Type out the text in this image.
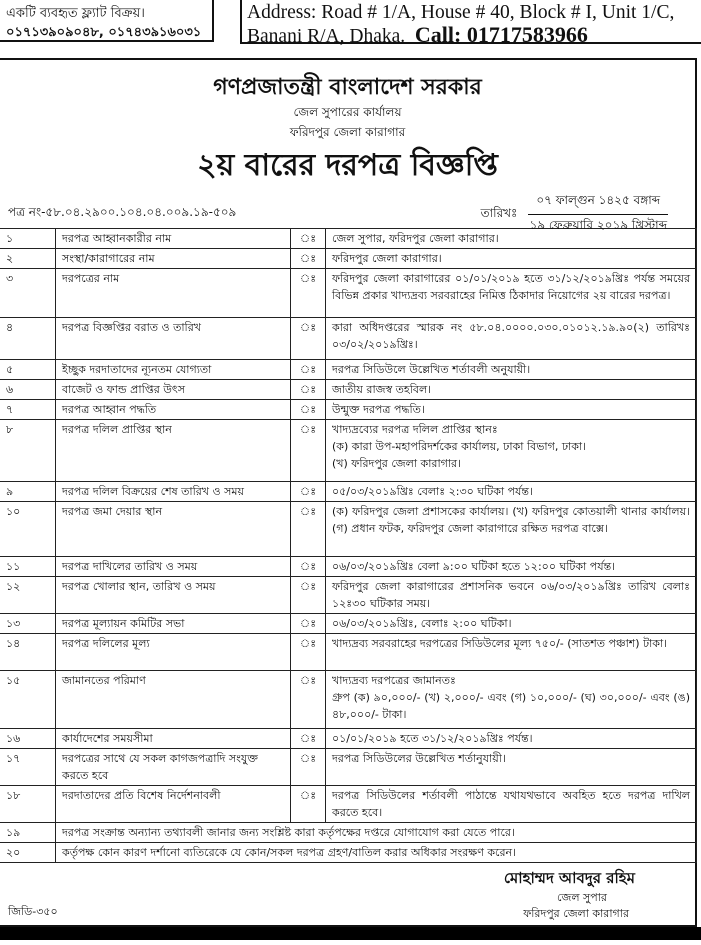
একটি ব্যবহৃত ফ্ল্যাট বিক্রয়।
০১৭১৩৯০৯০৪৮, ০১৭৪৩৯১৬০৩১
Address: Road # 1/A, House # 40, Block # I, Unit 1/C,
Banani R/A, Dhaka. Call: 01717583966
গণপ্রজাতন্ত্রী বাংলাদেশ সরকার
জেল সুপারের কার্যালয়
ফরিদপুর জেলা কারাগার
২য় বারের দরপত্র বিজ্ঞপ্তি
পত্র নং-৫৮.০৪.২৯০০.১০৪.০৪.০০৯.১৯-৫০৯	তারিখঃ
০৭ ফাল্গুন ১৪২৫ বঙ্গাব্দ
১৯ ফেব্রুয়ারি ২০১৯ খ্রিস্টাব্দ
১	দরপত্র আহ্বানকারীর নাম	ঃ	জেল সুপার, ফরিদপুর জেলা কারাগার।

২	সংস্থা/কারাগারের নাম	ঃ	ফরিদপুর জেলা কারাগার।

৩	দরপত্রের নাম	ঃ	ফরিদপুর জেলা কারাগারের ০১/০১/২০১৯ হতে ৩১/১২/২০১৯খ্রিঃ পর্যন্ত সময়ের বিভিন্ন প্রকার খাদ্যদ্রব্য সরবরাহের নিমিত্ত ঠিকাদার নিয়োগের ২য় বারের দরপত্র।

৪	দরপত্র বিজ্ঞপ্তির বরাত ও তারিখ	ঃ	কারা অধিদপ্তরের স্মারক নং ৫৮.০৪.০০০০.০৩০.০১০১২.১৯.৯০(২) তারিখঃ ০৩/০২/২০১৯খ্রিঃ।

৫	ইচ্ছুক দরদাতাদের ন্যূনতম যোগ্যতা	ঃ	দরপত্র সিডিউলে উল্লেখিত শর্তাবলী অনুযায়ী।

৬	বাজেট ও ফান্ড প্রাপ্তির উৎস	ঃ	জাতীয় রাজস্ব তহবিল।

৭	দরপত্র আহ্বান পদ্ধতি	ঃ	উন্মুক্ত দরপত্র পদ্ধতি।

৮	দরপত্র দলিল প্রাপ্তির স্থান	ঃ	খাদ্যদ্রব্যের দরপত্র দলিল প্রাপ্তির স্থানঃ
(ক) কারা উপ-মহাপরিদর্শকের কার্যালয়, ঢাকা বিভাগ, ঢাকা।
(খ) ফরিদপুর জেলা কারাগার।

৯	দরপত্র দলিল বিক্রয়ের শেষ তারিখ ও সময়	ঃ	০৫/০৩/২০১৯খ্রিঃ বেলাঃ ২:৩০ ঘটিকা পর্যন্ত।

১০	দরপত্র জমা দেয়ার স্থান	ঃ	(ক) ফরিদপুর জেলা প্রশাসকের কার্যালয়। (খ) ফরিদপুর কোতয়ালী থানার কার্যালয়। (গ) প্রধান ফটক, ফরিদপুর জেলা কারাগারে রক্ষিত দরপত্র বাক্সে।

১১	দরপত্র দাখিলের তারিখ ও সময়	ঃ	০৬/০৩/২০১৯খ্রিঃ বেলা ৯:০০ ঘটিকা হতে ১২:০০ ঘটিকা পর্যন্ত।

১২	দরপত্র খোলার স্থান, তারিখ ও সময়	ঃ	ফরিদপুর জেলা কারাগারের প্রশাসনিক ভবনে ০৬/০৩/২০১৯খ্রিঃ তারিখ বেলাঃ ১২ঃ৩০ ঘটিকার সময়।

১৩	দরপত্র মূল্যায়ন কমিটির সভা	ঃ	০৬/০৩/২০১৯খ্রিঃ, বেলাঃ ২:০০ ঘটিকা।

১৪	দরপত্র দলিলের মূল্য	ঃ	খাদ্যদ্রব্য সরবরাহের দরপত্রের সিডিউলের মূল্য ৭৫০/- (সাতশত পঞ্চাশ) টাকা।

১৫	জামানতের পরিমাণ	ঃ	খাদ্যদ্রব্য দরপত্রের জামানতঃ
গ্রুপ (ক) ৯০,০০০/- (খ) ২,০০০/- এবং (গ) ১০,০০০/- (ঘ) ৩০,০০০/- এবং (ঙ) ৪৮,০০০/- টাকা।

১৬	কার্যাদেশের সময়সীমা	ঃ	০১/০১/২০১৯ হতে ৩১/১২/২০১৯খ্রিঃ পর্যন্ত।

১৭	দরপত্রের সাথে যে সকল কাগজপত্রাদি সংযুক্ত করতে হবে	ঃ	দরপত্র সিডিউলের উল্লেখিত শর্তানুযায়ী।

১৮	দরদাতাদের প্রতি বিশেষ নির্দেশনাবলী	ঃ	দরপত্র সিডিউলের শর্তাবলী পাঠান্তে যথাযথভাবে অবহিত হতে দরপত্র দাখিল করতে হবে।

১৯	দরপত্র সংক্রান্ত অন্যান্য তথ্যাবলী জানার জন্য সংশ্লিষ্ট কারা কর্তৃপক্ষের দপ্তরে যোগাযোগ করা যেতে পারে।		
২০	কর্তৃপক্ষ কোন কারণ দর্শানো ব্যতিরেকে যে কোন/সকল দরপত্র গ্রহণ/বাতিল করার অধিকার সংরক্ষণ করেন।		
মোহাম্মদ আবদুর রহিম
জেল সুপার
ফরিদপুর জেলা কারাগার
জিডি-৩৫০
